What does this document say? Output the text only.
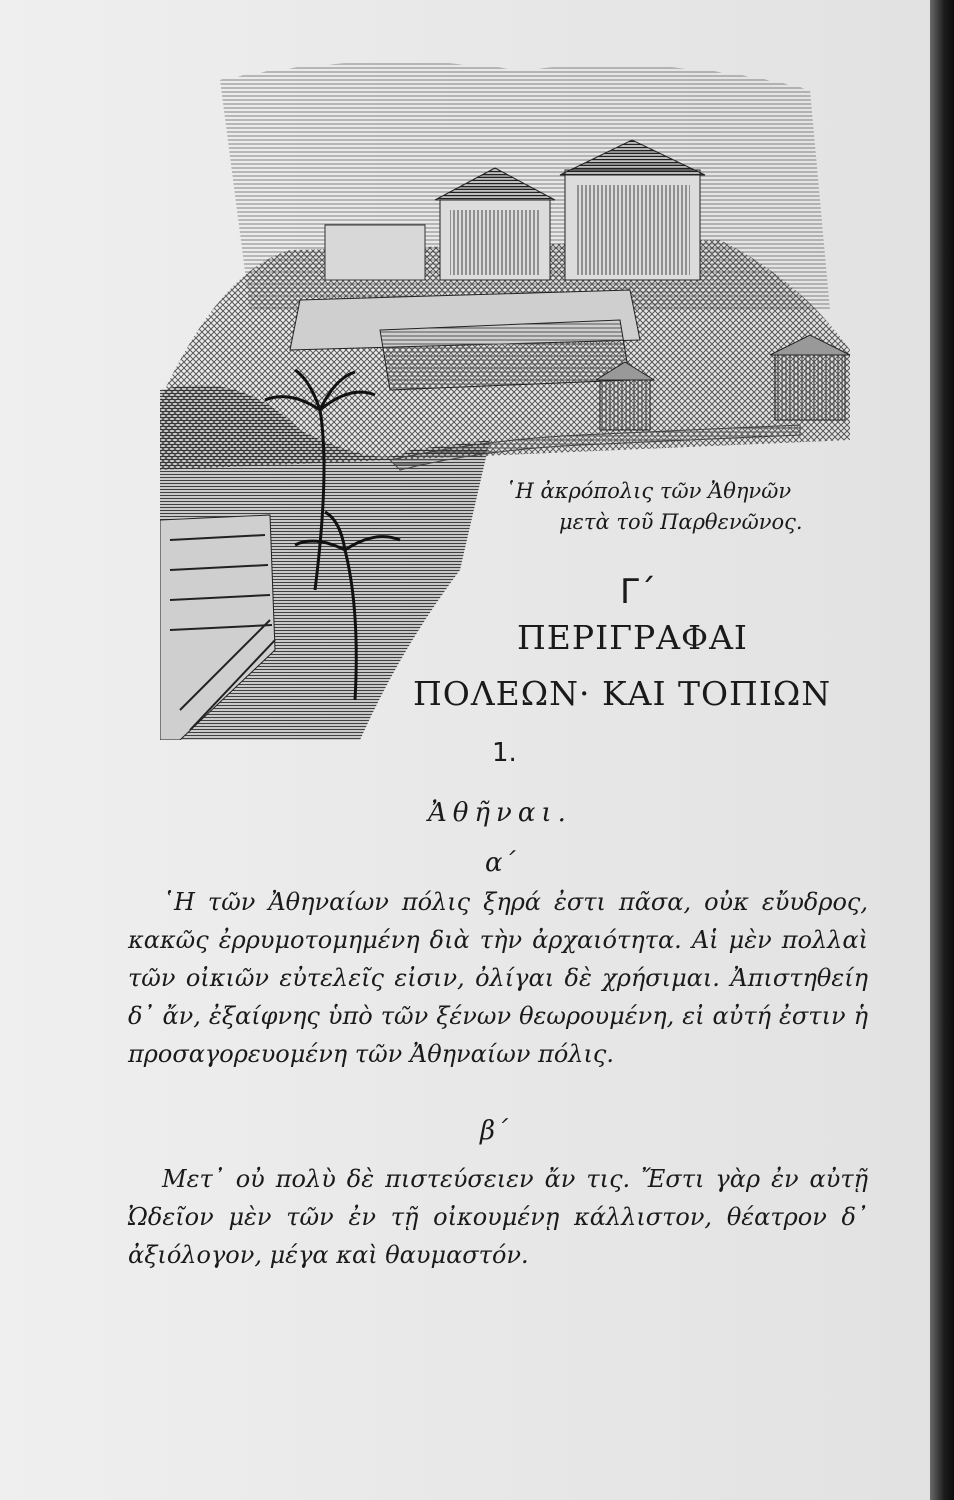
῾Η ἀκρόπολις τῶν Ἀθηνῶν
μετὰ τοῦ Παρθενῶνος.
Γ΄
ΠΕΡΙΓΡΑΦΑΙ
ΠΟΛΕΩΝ· ΚΑΙ ΤΟΠΙΩΝ
1.
Ἀθῆναι.
α΄

῾Η τῶν Ἀθηναίων πόλις ξηρά ἐστι πᾶσα, οὐκ εὔυδρος, κακῶς ἐρρυμοτομημένη διὰ τὴν ἀρχαιότητα. Αἱ μὲν πολλαὶ τῶν οἰκιῶν εὐτελεῖς εἰσιν, ὀλίγαι δὲ χρήσιμαι. Ἀπιστηθείη δ᾽ ἄν, ἐξαίφνης ὑπὸ τῶν ξένων θεωρουμένη, εἰ αὐτή ἐστιν ἡ προσαγορευομένη τῶν Ἀθηναίων πόλις.

β΄

Μετ᾽ οὐ πολὺ δὲ πιστεύσειεν ἄν τις. Ἔστι γὰρ ἐν αὐτῇ Ὠδεῖον μὲν τῶν ἐν τῇ οἰκουμένῃ κάλλιστον, θέατρον δ᾽ ἀξιόλογον, μέγα καὶ θαυμαστόν.
